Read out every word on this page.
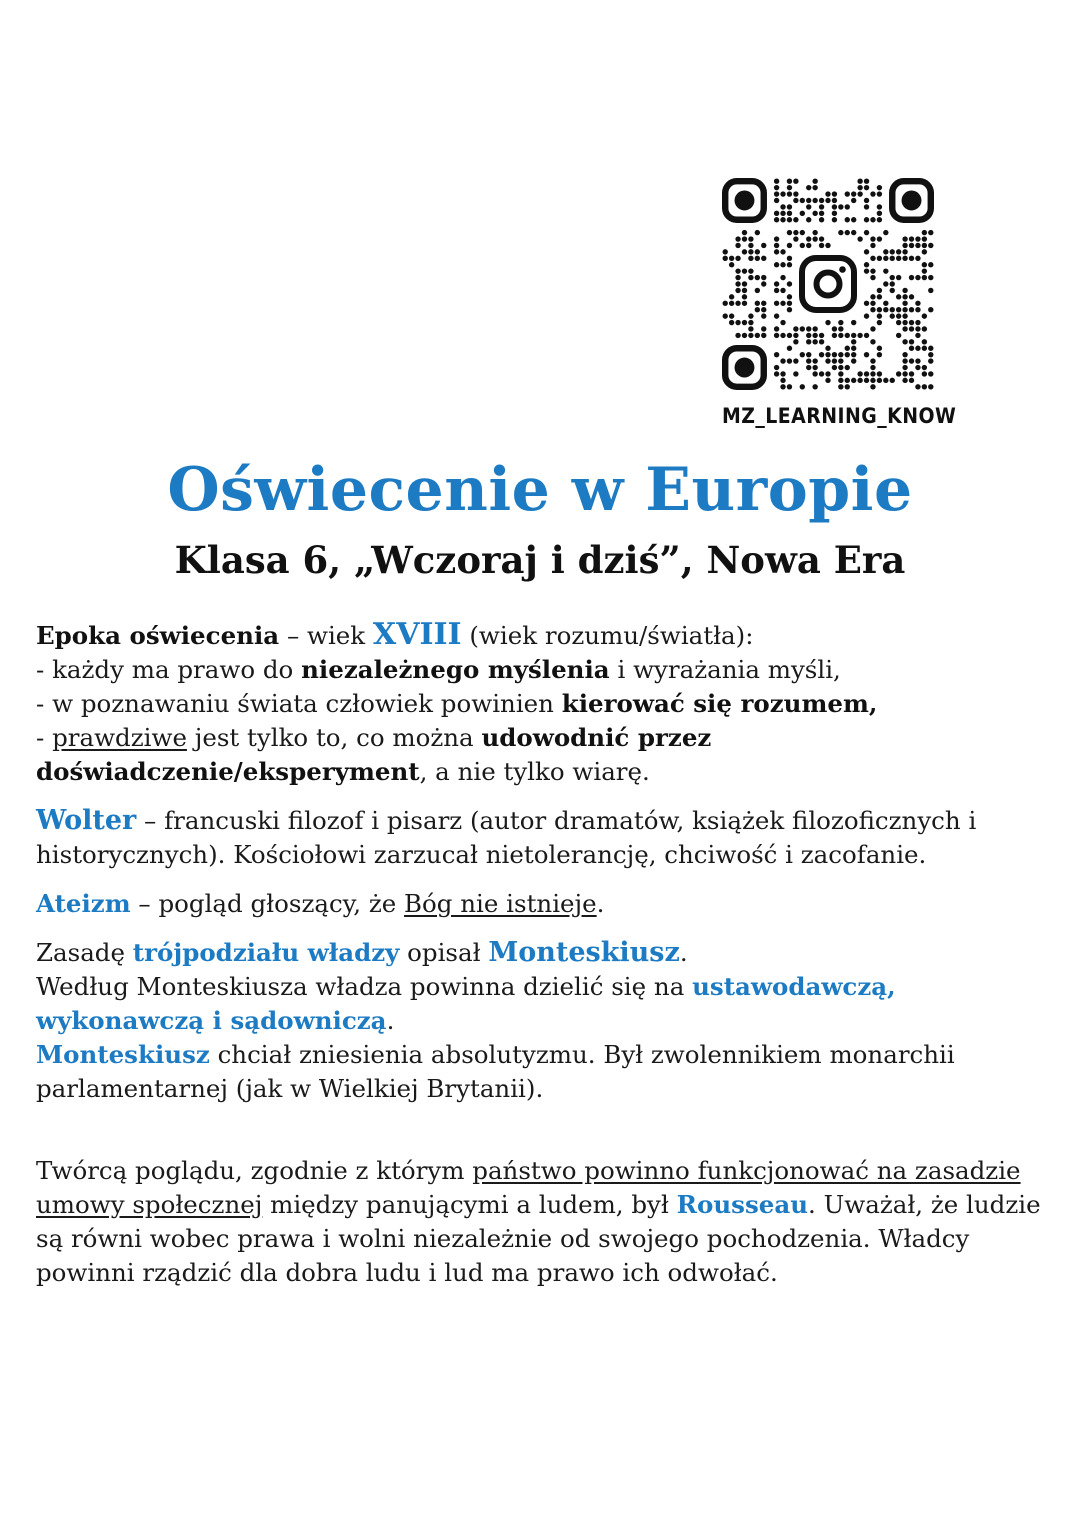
MZ_LEARNING_KNOW
Oświecenie w Europie
Klasa 6, „Wczoraj i dziś”, Nowa Era

Epoka oświecenia – wiek XVIII (wiek rozumu/światła):

- każdy ma prawo do niezależnego myślenia i wyrażania myśli,

- w poznawaniu świata człowiek powinien kierować się rozumem,

- prawdziwe jest tylko to, co można udowodnić przez
doświadczenie/eksperyment, a nie tylko wiarę.

Wolter – francuski filozof i pisarz (autor dramatów, książek filozoficznych i historycznych). Kościołowi zarzucał nietolerancję, chciwość i zacofanie.

Ateizm – pogląd głoszący, że Bóg nie istnieje.

Zasadę trójpodziału władzy opisał Monteskiusz.

Według Monteskiusza władza powinna dzielić się na ustawodawczą, wykonawczą i sądowniczą.

Monteskiusz chciał zniesienia absolutyzmu. Był zwolennikiem monarchii parlamentarnej (jak w Wielkiej Brytanii).

Twórcą poglądu, zgodnie z którym państwo powinno funkcjonować na zasadzie umowy społecznej między panującymi a ludem, był Rousseau. Uważał, że ludzie są równi wobec prawa i wolni niezależnie od swojego pochodzenia. Władcy powinni rządzić dla dobra ludu i lud ma prawo ich odwołać.
